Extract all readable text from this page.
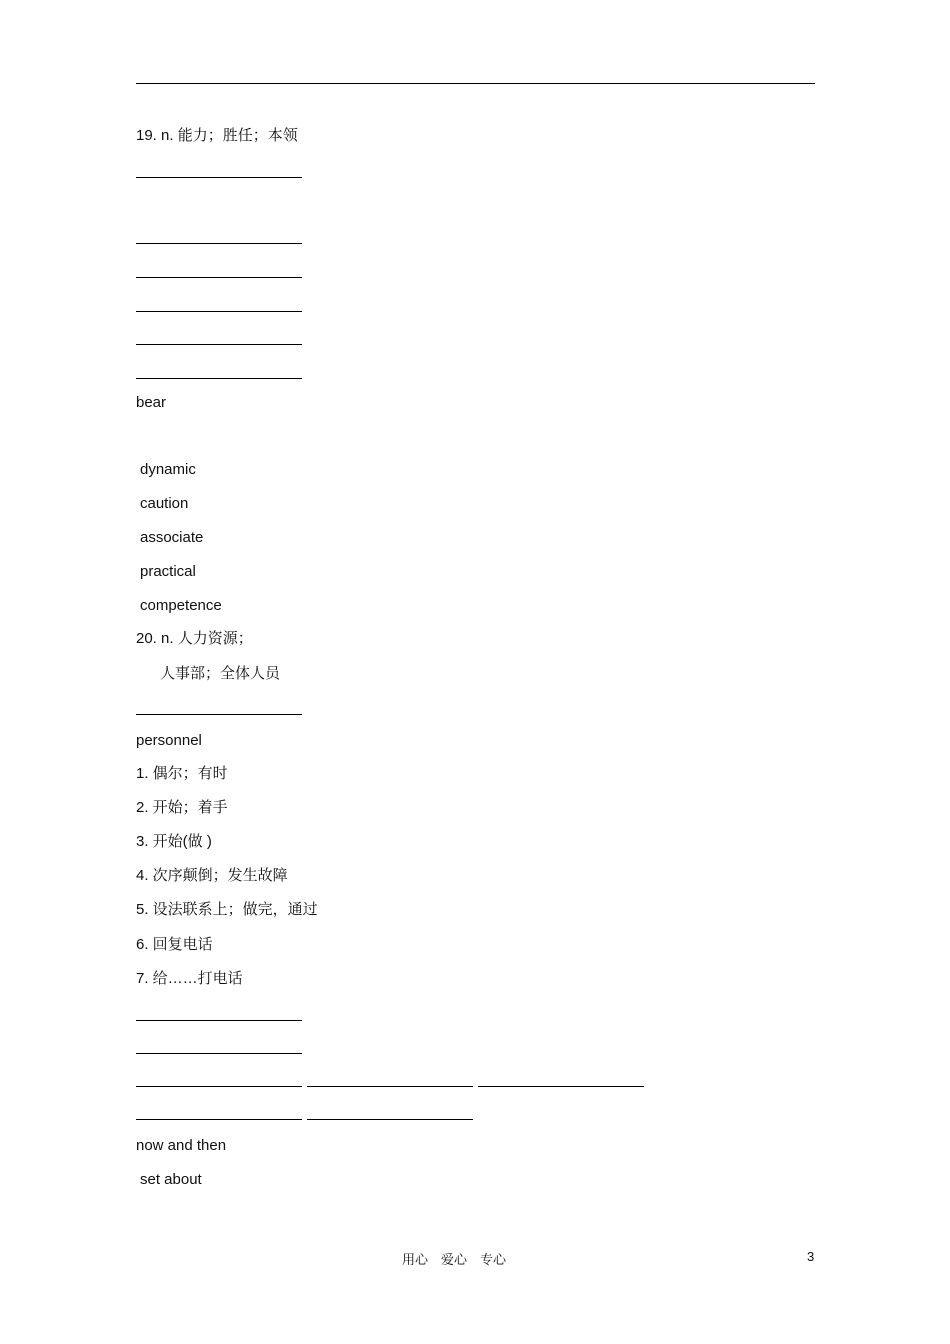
19. n. 能力；胜任；本领
bear
dynamic
caution
associate
practical
competence
20. n. 人力资源；
人事部；全体人员
personnel
1. 偶尔；有时
2. 开始；着手
3. 开始(做 )
4. 次序颠倒；发生故障
5. 设法联系上；做完，通过
6. 回复电话
7. 给……打电话
now and then
set about
用心　爱心　专心	3
